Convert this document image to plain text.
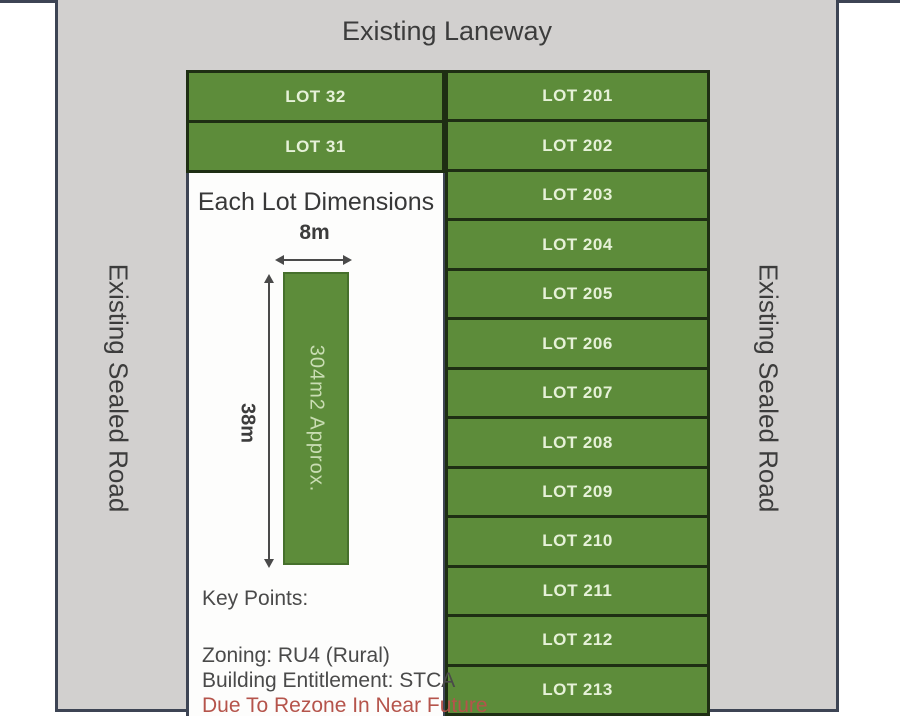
Existing Laneway
Existing Sealed Road	Existing Sealed Road
LOT 32
LOT 31
LOT 201
LOT 202
LOT 203
LOT 204
LOT 205
LOT 206
LOT 207
LOT 208
LOT 209
LOT 210
LOT 211
LOT 212
LOT 213
Each Lot Dimensions
8m
304m2 Approx.
38m
Key Points:
Zoning: RU4 (Rural)
Building Entitlement: STCA
Due To Rezone In Near Future
